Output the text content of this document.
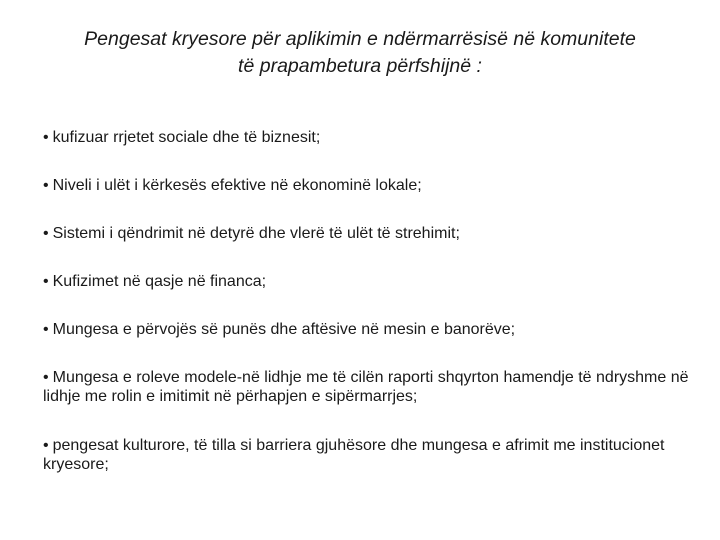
Pengesat kryesore për aplikimin e ndërmarrësisë në komunitete
të prapambetura përfshijnë :
• kufizuar rrjetet sociale dhe të biznesit;
• Niveli i ulët i kërkesës efektive në ekonominë lokale;
• Sistemi i qëndrimit në detyrë dhe vlerë të ulët të strehimit;
• Kufizimet në qasje në financa;
• Mungesa e përvojës së punës dhe aftësive në mesin e banorëve;
• Mungesa e roleve modele-në lidhje me të cilën raporti shqyrton hamendje të ndryshme në lidhje me rolin e imitimit në përhapjen e sipërmarrjes;
• pengesat kulturore, të tilla si barriera gjuhësore dhe mungesa e afrimit me institucionet kryesore;
